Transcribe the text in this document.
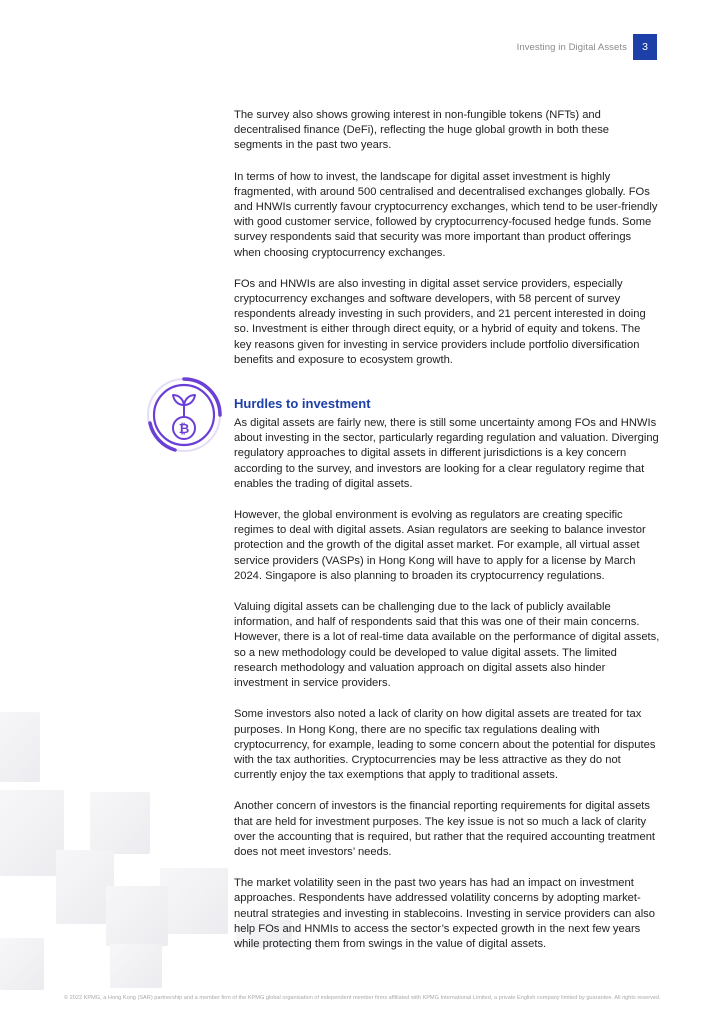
Investing in Digital Assets	3
₿

The survey also shows growing interest in non-fungible tokens (NFTs) and decentralised finance (DeFi), reflecting the huge global growth in both these segments in the past two years.

In terms of how to invest, the landscape for digital asset investment is highly fragmented, with around 500 centralised and decentralised exchanges globally. FOs and HNWIs currently favour cryptocurrency exchanges, which tend to be user-friendly with good customer service, followed by cryptocurrency-focused hedge funds. Some survey respondents said that security was more important than product offerings when choosing cryptocurrency exchanges.

FOs and HNWIs are also investing in digital asset service providers, especially cryptocurrency exchanges and software developers, with 58 percent of survey respondents already investing in such providers, and 21 percent interested in doing so. Investment is either through direct equity, or a hybrid of equity and tokens. The key reasons given for investing in service providers include portfolio diversification benefits and exposure to ecosystem growth.

Hurdles to investment

As digital assets are fairly new, there is still some uncertainty among FOs and HNWIs about investing in the sector, particularly regarding regulation and valuation. Diverging regulatory approaches to digital assets in different jurisdictions is a key concern according to the survey, and investors are looking for a clear regulatory regime that enables the trading of digital assets.

However, the global environment is evolving as regulators are creating specific regimes to deal with digital assets. Asian regulators are seeking to balance investor protection and the growth of the digital asset market. For example, all virtual asset service providers (VASPs) in Hong Kong will have to apply for a license by March 2024. Singapore is also planning to broaden its cryptocurrency regulations.

Valuing digital assets can be challenging due to the lack of publicly available information, and half of respondents said that this was one of their main concerns. However, there is a lot of real-time data available on the performance of digital assets, so a new methodology could be developed to value digital assets. The limited research methodology and valuation approach on digital assets also hinder investment in service providers.

Some investors also noted a lack of clarity on how digital assets are treated for tax purposes. In Hong Kong, there are no specific tax regulations dealing with cryptocurrency, for example, leading to some concern about the potential for disputes with the tax authorities. Cryptocurrencies may be less attractive as they do not currently enjoy the tax exemptions that apply to traditional assets.

Another concern of investors is the financial reporting requirements for digital assets that are held for investment purposes. The key issue is not so much a lack of clarity over the accounting that is required, but rather that the required accounting treatment does not meet investors’ needs.

The market volatility seen in the past two years has had an impact on investment approaches. Respondents have addressed volatility concerns by adopting market-neutral strategies and investing in stablecoins. Investing in service providers can also help FOs and HNMIs to access the sector’s expected growth in the next few years while protecting them from swings in the value of digital assets.

© 2022 KPMG, a Hong Kong (SAR) partnership and a member firm of the KPMG global organisation of independent member firms affiliated with KPMG International Limited, a private English company limited by guarantee. All rights reserved.
